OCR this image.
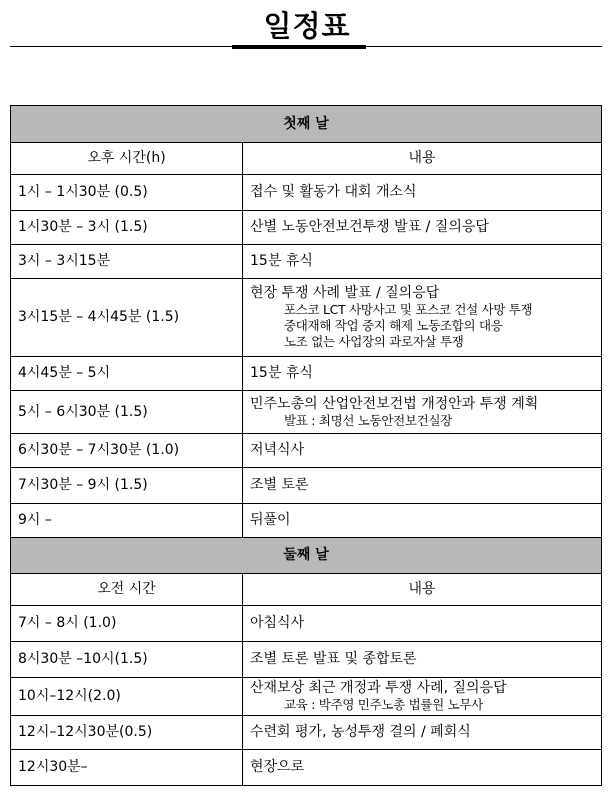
일정표
첫째 날	
오후 시간(h)	내용
1시 – 1시30분 (0.5)	접수 및 활동가 대회 개소식

1시30분 – 3시 (1.5)	산별 노동안전보건투쟁 발표 / 질의응답

3시 – 3시15분	15분 휴식

3시15분 – 4시45분 (1.5)	현장 투쟁 사례 발표 / 질의응답
포스코 LCT 사망사고 및 포스코 건설 사망 투쟁
중대재해 작업 중지 해제 노동조합의 대응
노조 없는 사업장의 과로자살 투쟁

4시45분 – 5시	15분 휴식

5시 – 6시30분 (1.5)	민주노총의 산업안전보건법 개정안과 투쟁 계획
발표 : 최명선 노동안전보건실장

6시30분 – 7시30분 (1.0)	저녁식사

7시30분 – 9시 (1.5)	조별 토론

9시 –	뒤풀이

둘째 날	
오전 시간	내용
7시 – 8시 (1.0)	아침식사

8시30분 –10시(1.5)	조별 토론 발표 및 종합토론

10시–12시(2.0)	산재보상 최근 개정과 투쟁 사례, 질의응답
교육 : 박주영 민주노총 법률원 노무사

12시–12시30분(0.5)	수련회 평가, 농성투쟁 결의 / 폐회식

12시30분–	현장으로
